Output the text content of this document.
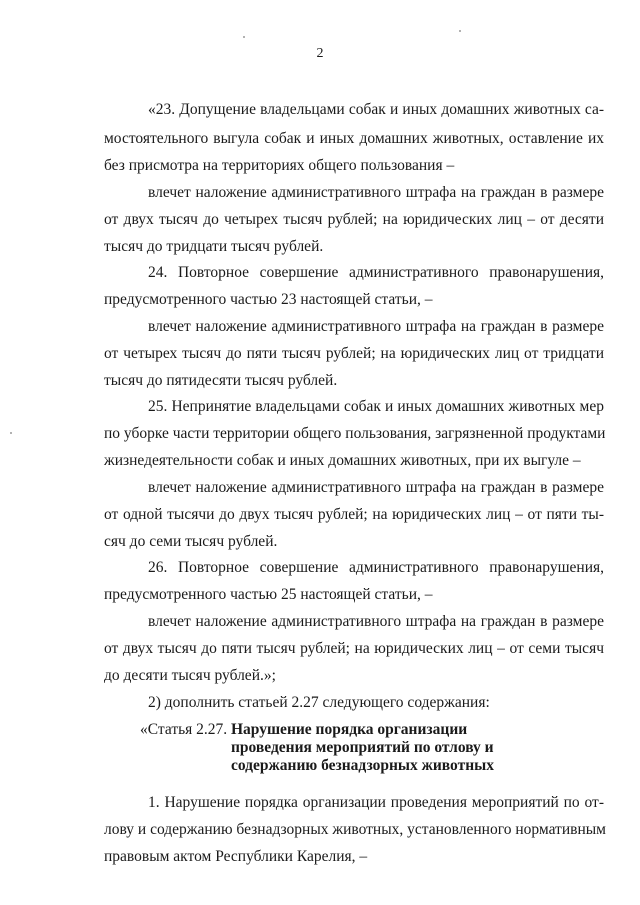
2
«23. Допущение владельцами собак и иных домашних животных са-
мостоятельного выгула собак и иных домашних животных, оставление их
без присмотра на территориях общего пользования –
влечет наложение административного штрафа на граждан в размере
от двух тысяч до четырех тысяч рублей; на юридических лиц – от десяти
тысяч до тридцати тысяч рублей.
24. Повторное совершение административного правонарушения,
предусмотренного частью 23 настоящей статьи, –
влечет наложение административного штрафа на граждан в размере
от четырех тысяч до пяти тысяч рублей; на юридических лиц от тридцати
тысяч до пятидесяти тысяч рублей.
25. Непринятие владельцами собак и иных домашних животных мер
по уборке части территории общего пользования, загрязненной продуктами
жизнедеятельности собак и иных домашних животных, при их выгуле –
влечет наложение административного штрафа на граждан в размере
от одной тысячи до двух тысяч рублей; на юридических лиц – от пяти ты-
сяч до семи тысяч рублей.
26. Повторное совершение административного правонарушения,
предусмотренного частью 25 настоящей статьи, –
влечет наложение административного штрафа на граждан в размере
от двух тысяч до пяти тысяч рублей; на юридических лиц – от семи тысяч
до десяти тысяч рублей.»;
2) дополнить статьей 2.27 следующего содержания:
«Статья 2.27. Нарушение порядка организации
проведения мероприятий по отлову и
содержанию безнадзорных животных
1. Нарушение порядка организации проведения мероприятий по от-
лову и содержанию безнадзорных животных, установленного нормативным
правовым актом Республики Карелия, –
